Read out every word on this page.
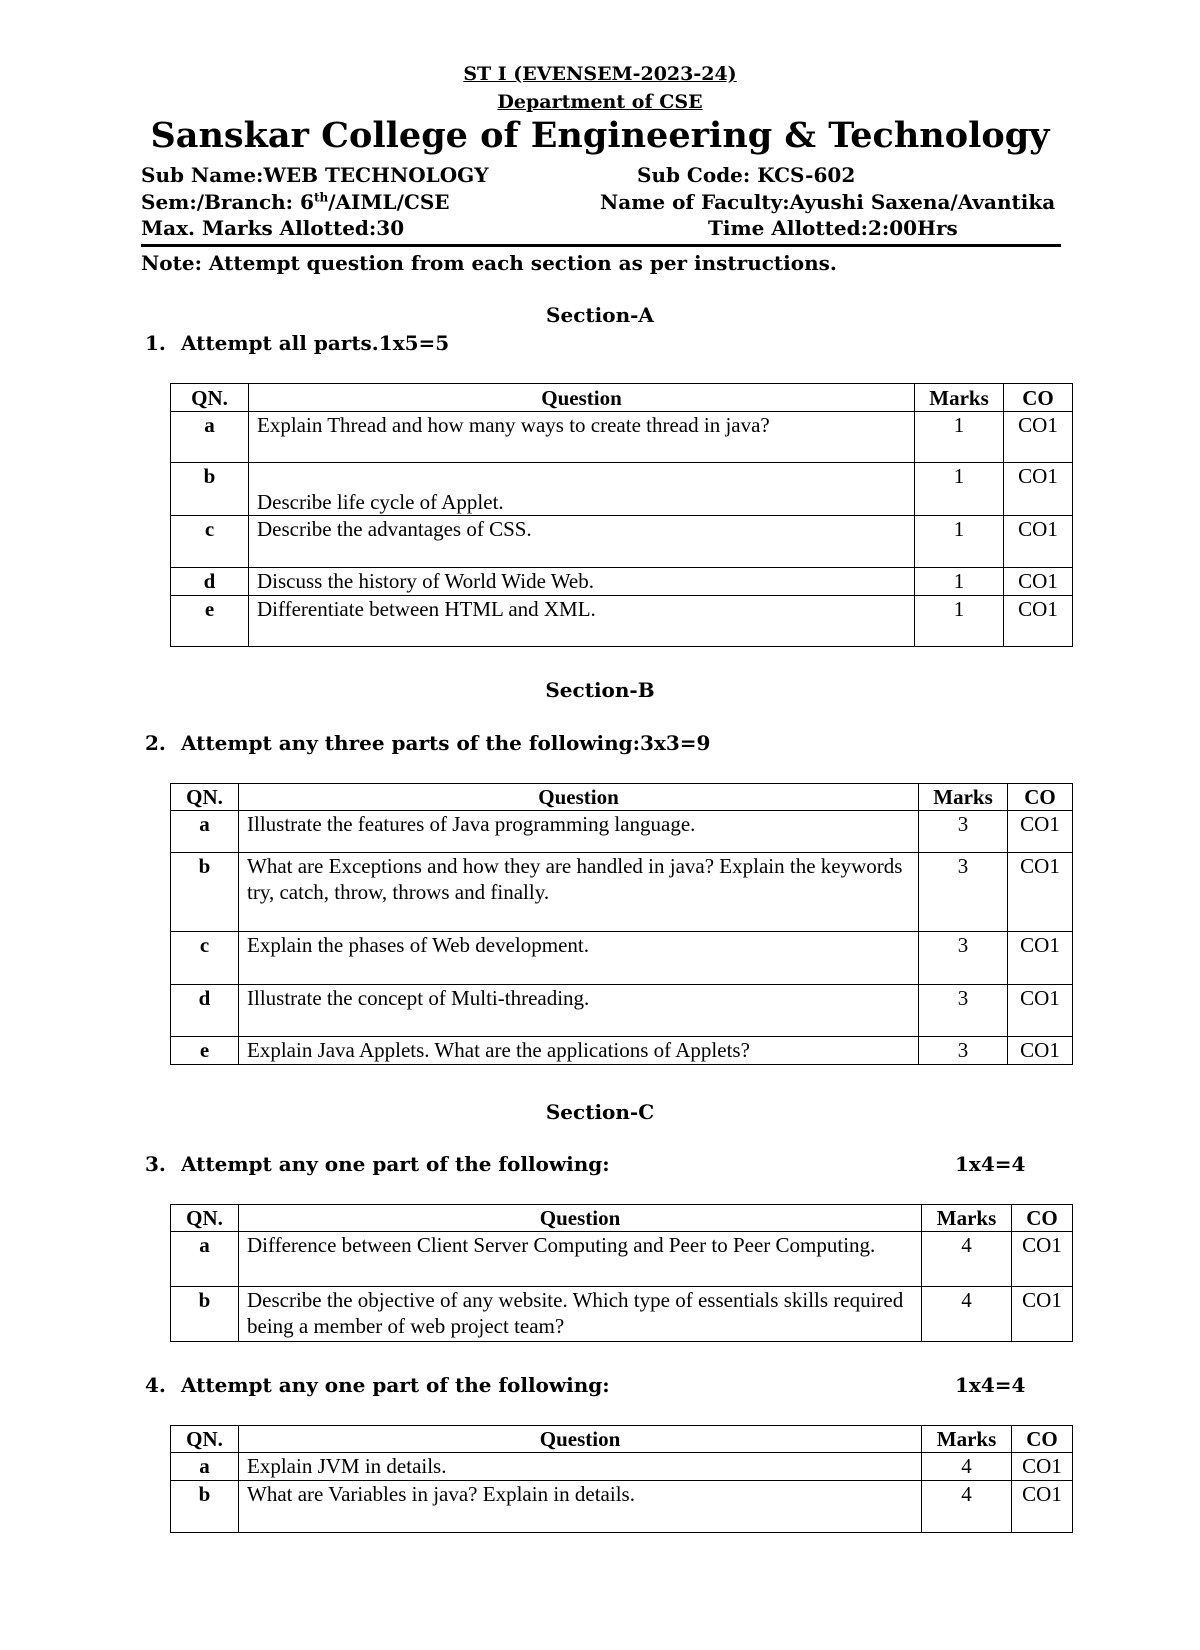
ST I (EVENSEM-2023-24)
Department of CSE
Sanskar College of Engineering & Technology
Sub Name:WEB TECHNOLOGY	Sub Code: KCS-602
Sem:/Branch: 6th/AIML/CSE	Name of Faculty:Ayushi Saxena/Avantika
Max. Marks Allotted:30	Time Allotted:2:00Hrs
Note: Attempt question from each section as per instructions.
Section-A
1. Attempt all parts.1x5=5
QN.	Question	Marks	CO
a	Explain Thread and how many ways to create thread in java?	1	CO1
b	Describe life cycle of Applet.	1	CO1
c	Describe the advantages of CSS.	1	CO1
d	Discuss the history of World Wide Web.	1	CO1
e	Differentiate between HTML and XML.	1	CO1
Section-B
2. Attempt any three parts of the following:3x3=9
QN.	Question	Marks	CO
a	Illustrate the features of Java programming language.	3	CO1
b	What are Exceptions and how they are handled in java? Explain the keywords try, catch, throw, throws and finally.	3	CO1
c	Explain the phases of Web development.	3	CO1
d	Illustrate the concept of Multi-threading.	3	CO1
e	Explain Java Applets. What are the applications of Applets?	3	CO1
Section-C
3. Attempt any one part of the following:	1x4=4
QN.	Question	Marks	CO
a	Difference between Client Server Computing and Peer to Peer Computing.	4	CO1
b	Describe the objective of any website. Which type of essentials skills required being a member of web project team?	4	CO1
4. Attempt any one part of the following:	1x4=4
QN.	Question	Marks	CO
a	Explain JVM in details.	4	CO1
b	What are Variables in java? Explain in details.	4	CO1
